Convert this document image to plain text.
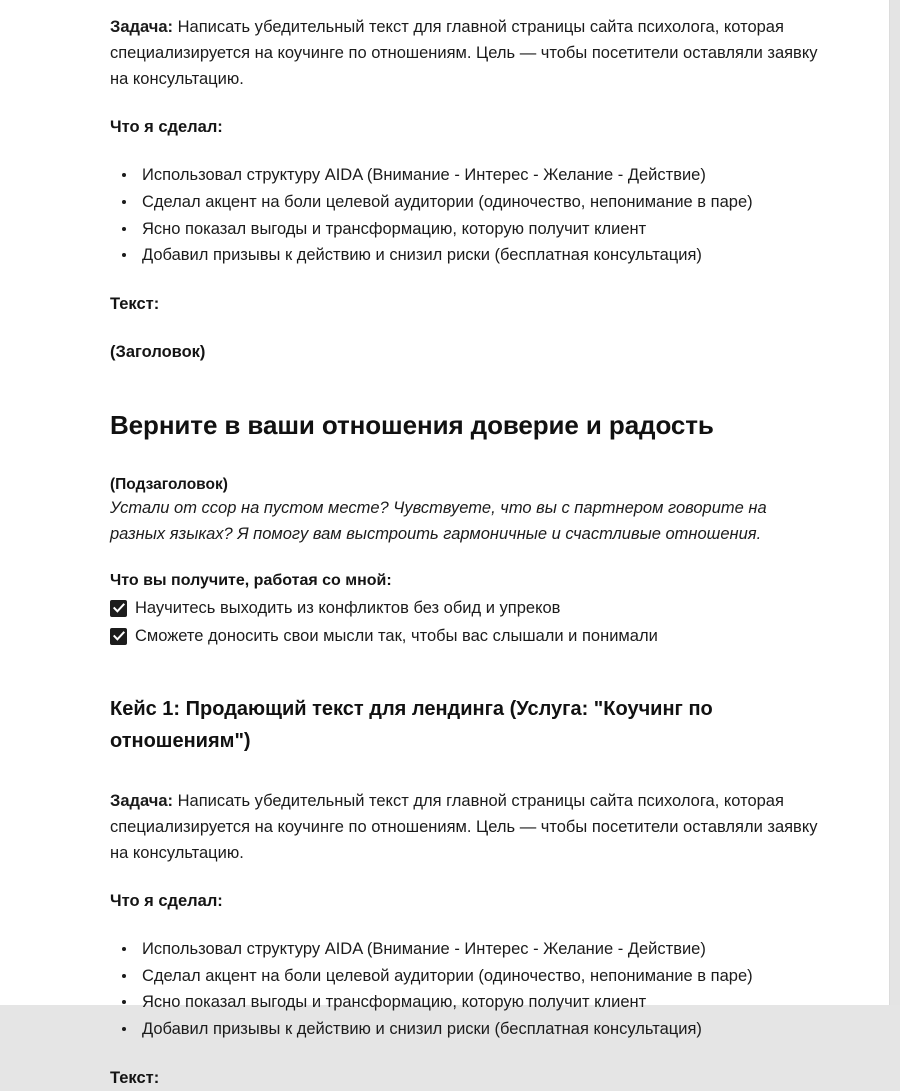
Задача: Написать убедительный текст для главной страницы сайта психолога, которая специализируется на коучинге по отношениям. Цель — чтобы посетители оставляли заявку на консультацию.

Что я сделал:

Использовал структуру AIDA (Внимание - Интерес - Желание - Действие)
Сделал акцент на боли целевой аудитории (одиночество, непонимание в паре)
Ясно показал выгоды и трансформацию, которую получит клиент
Добавил призывы к действию и снизил риски (бесплатная консультация)

Текст:

(Заголовок)

Верните в ваши отношения доверие и радость

(Подзаголовок)

Устали от ссор на пустом месте? Чувствуете, что вы с партнером говорите на разных языках? Я помогу вам выстроить гармоничные и счастливые отношения.

Что вы получите, работая со мной:

Научитесь выходить из конфликтов без обид и упреков
Сможете доносить свои мысли так, чтобы вас слышали и понимали
Кейс 1: Продающий текст для лендинга (Услуга: "Коучинг по отношениям")

Задача: Написать убедительный текст для главной страницы сайта психолога, которая специализируется на коучинге по отношениям. Цель — чтобы посетители оставляли заявку на консультацию.

Что я сделал:

Использовал структуру AIDA (Внимание - Интерес - Желание - Действие)
Сделал акцент на боли целевой аудитории (одиночество, непонимание в паре)
Ясно показал выгоды и трансформацию, которую получит клиент
Добавил призывы к действию и снизил риски (бесплатная консультация)

Текст:
